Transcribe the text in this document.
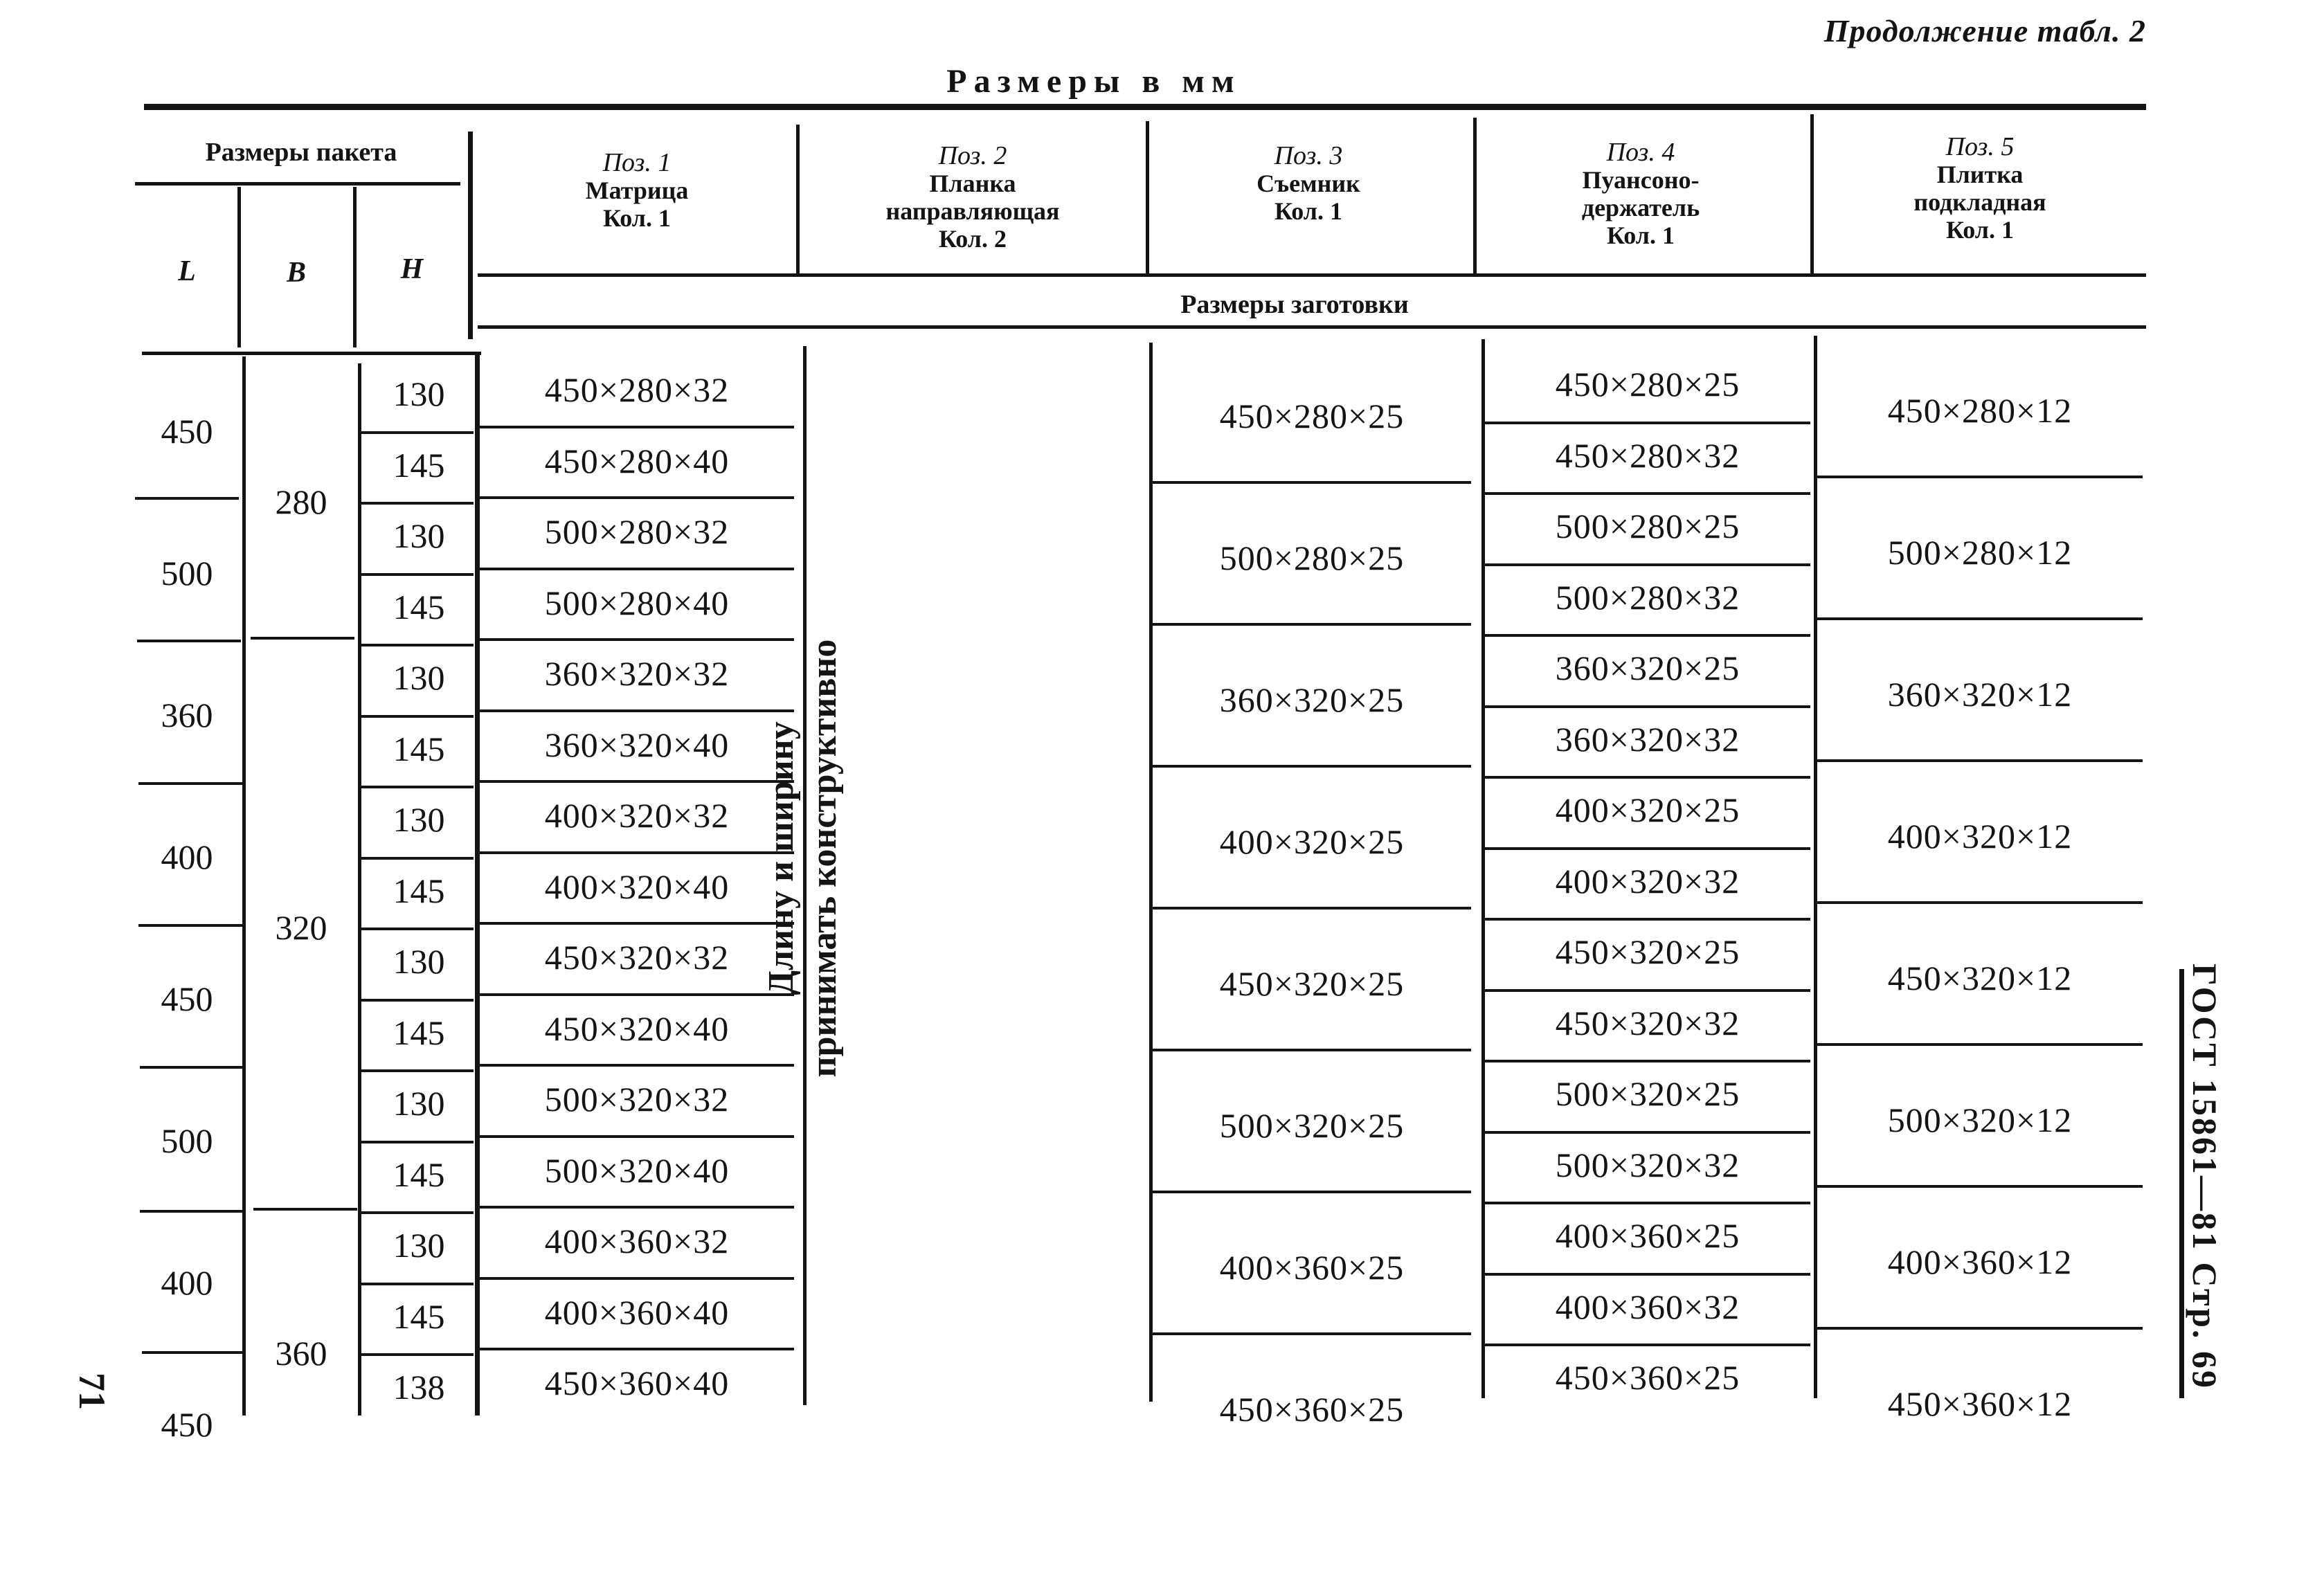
Продолжение табл. 2
Размеры в мм
Размеры пакета
L	B	H
Поз. 1
Матрица
Кол. 1
Поз. 2
Планка
направляющая
Кол. 2
Поз. 3
Съемник
Кол. 1
Поз. 4
Пуансоно-
держатель
Кол. 1
Поз. 5
Плитка
подкладная
Кол. 1
Размеры заготовки
450
500
360
400
450
500
400
450
280
320
360
130
145
130
145
130
145
130
145
130
145
130
145
130
145
138
450×280×32
450×280×40
500×280×32
500×280×40
360×320×32
360×320×40
400×320×32
400×320×40
450×320×32
450×320×40
500×320×32
500×320×40
400×360×32
400×360×40
450×360×40
450×280×25
500×280×25
360×320×25
400×320×25
450×320×25
500×320×25
400×360×25
450×360×25
450×280×25
450×280×32
500×280×25
500×280×32
360×320×25
360×320×32
400×320×25
400×320×32
450×320×25
450×320×32
500×320×25
500×320×32
400×360×25
400×360×32
450×360×25
450×280×12
500×280×12
360×320×12
400×320×12
450×320×12
500×320×12
400×360×12
450×360×12
Длину и ширину принимать конструктивно
ГОСТ 15861—81 Стр. 69
71
